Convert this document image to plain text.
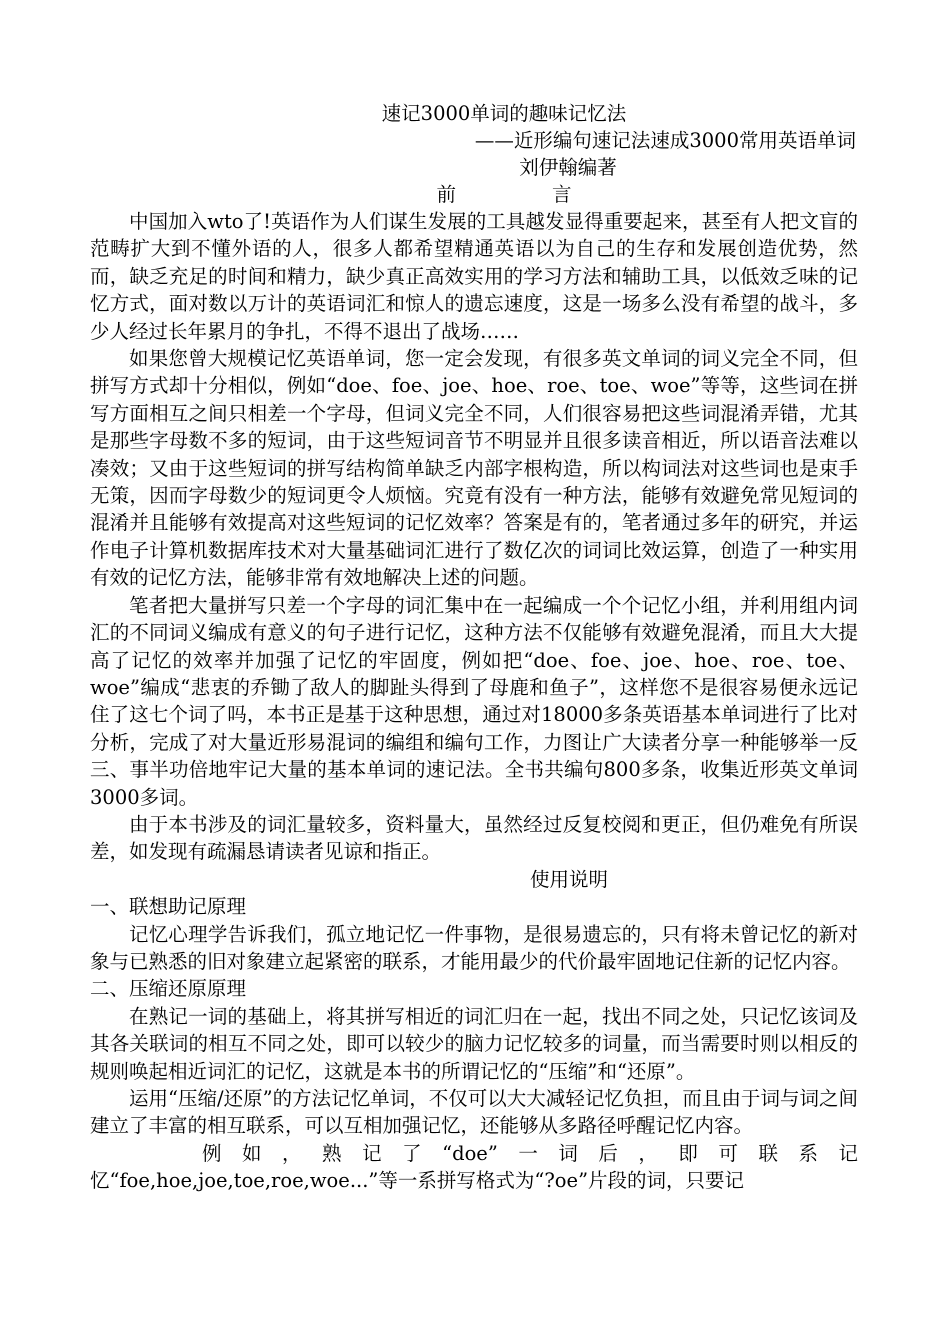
速记3000单词的趣味记忆法

——近形编句速记法速成3000常用英语单词

刘伊翰编著

前	言

中国加入wto了!英语作为人们谋生发展的工具越发显得重要起来，甚至有人把文盲的范畴扩大到不懂外语的人，很多人都希望精通英语以为自己的生存和发展创造优势，然而，缺乏充足的时间和精力，缺少真正高效实用的学习方法和辅助工具，以低效乏味的记忆方式，面对数以万计的英语词汇和惊人的遗忘速度，这是一场多么没有希望的战斗，多少人经过长年累月的争扎，不得不退出了战场……

如果您曾大规模记忆英语单词，您一定会发现，有很多英文单词的词义完全不同，但拼写方式却十分相似，例如“doe、foe、joe、hoe、roe、toe、woe”等等，这些词在拼写方面相互之间只相差一个字母，但词义完全不同，人们很容易把这些词混淆弄错，尤其是那些字母数不多的短词，由于这些短词音节不明显并且很多读音相近，所以语音法难以凑效；又由于这些短词的拼写结构简单缺乏内部字根构造，所以构词法对这些词也是束手无策，因而字母数少的短词更令人烦恼。究竟有没有一种方法，能够有效避免常见短词的混淆并且能够有效提高对这些短词的记忆效率？答案是有的，笔者通过多年的研究，并运作电子计算机数据库技术对大量基础词汇进行了数亿次的词词比效运算，创造了一种实用有效的记忆方法，能够非常有效地解决上述的问题。

笔者把大量拼写只差一个字母的词汇集中在一起编成一个个记忆小组，并利用组内词汇的不同词义编成有意义的句子进行记忆，这种方法不仅能够有效避免混淆，而且大大提高了记忆的效率并加强了记忆的牢固度，例如把“doe、foe、joe、hoe、roe、toe、woe”编成“悲衷的乔锄了敌人的脚趾头得到了母鹿和鱼子”，这样您不是很容易便永远记住了这七个词了吗，本书正是基于这种思想，通过对18000多条英语基本单词进行了比对分析，完成了对大量近形易混词的编组和编句工作，力图让广大读者分享一种能够举一反三、事半功倍地牢记大量的基本单词的速记法。全书共编句800多条，收集近形英文单词3000多词。

由于本书涉及的词汇量较多，资料量大，虽然经过反复校阅和更正，但仍难免有所误差，如发现有疏漏恳请读者见谅和指正。

使用说明

一、联想助记原理

记忆心理学告诉我们，孤立地记忆一件事物，是很易遗忘的，只有将未曾记忆的新对象与已熟悉的旧对象建立起紧密的联系，才能用最少的代价最牢固地记住新的记忆内容。

二、压缩还原原理

在熟记一词的基础上，将其拼写相近的词汇归在一起，找出不同之处，只记忆该词及其各关联词的相互不同之处，即可以较少的脑力记忆较多的词量，而当需要时则以相反的规则唤起相近词汇的记忆，这就是本书的所谓记忆的“压缩”和“还原”。

运用“压缩/还原”的方法记忆单词，不仅可以大大减轻记忆负担，而且由于词与词之间建立了丰富的相互联系，可以互相加强记忆，还能够从多路径呼醒记忆内容。

例如，熟记了“doe”一词后，即可联系记忆“foe,hoe,joe,toe,roe,woe...”等一系拼写格式为“?oe”片段的词，只要记
